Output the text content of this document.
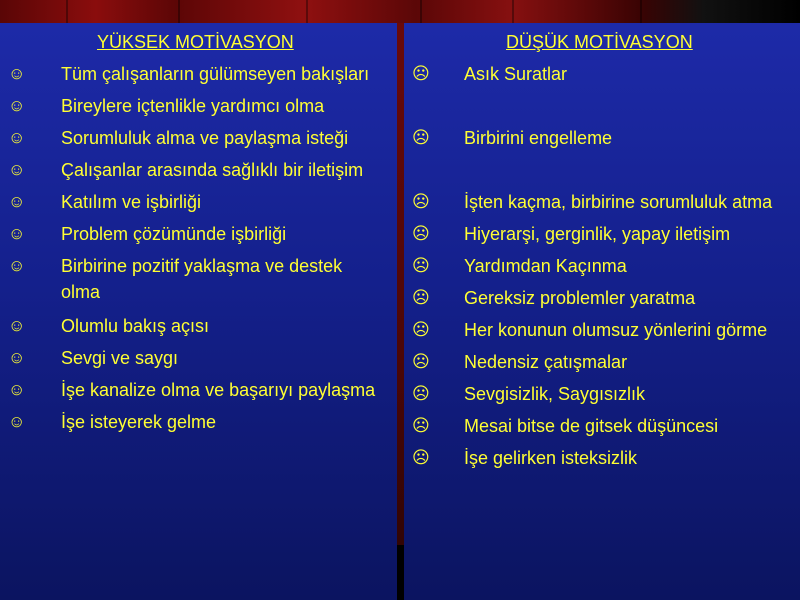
YÜKSEK MOTİVASYON	DÜŞÜK MOTİVASYON
☺ Tüm çalışanların gülümseyen bakışları
☺ Bireylere içtenlikle yardımcı olma
☺ Sorumluluk alma ve paylaşma isteği
☺ Çalışanlar arasında sağlıklı bir iletişim
☺ Katılım ve işbirliği
☺ Problem çözümünde işbirliği
☺ Birbirine pozitif yaklaşma ve destek olma
☺ Olumlu bakış açısı
☺ Sevgi ve saygı
☺ İşe kanalize olma ve başarıyı paylaşma
☺ İşe isteyerek gelme
☹ Asık Suratlar
☹ Birbirini engelleme
☹ İşten kaçma, birbirine sorumluluk atma
☹ Hiyerarşi, gerginlik, yapay iletişim
☹ Yardımdan Kaçınma
☹ Gereksiz problemler yaratma
☹ Her konunun olumsuz yönlerini görme
☹ Nedensiz çatışmalar
☹ Sevgisizlik, Saygısızlık
☹ Mesai bitse de gitsek düşüncesi
☹ İşe gelirken isteksizlik
